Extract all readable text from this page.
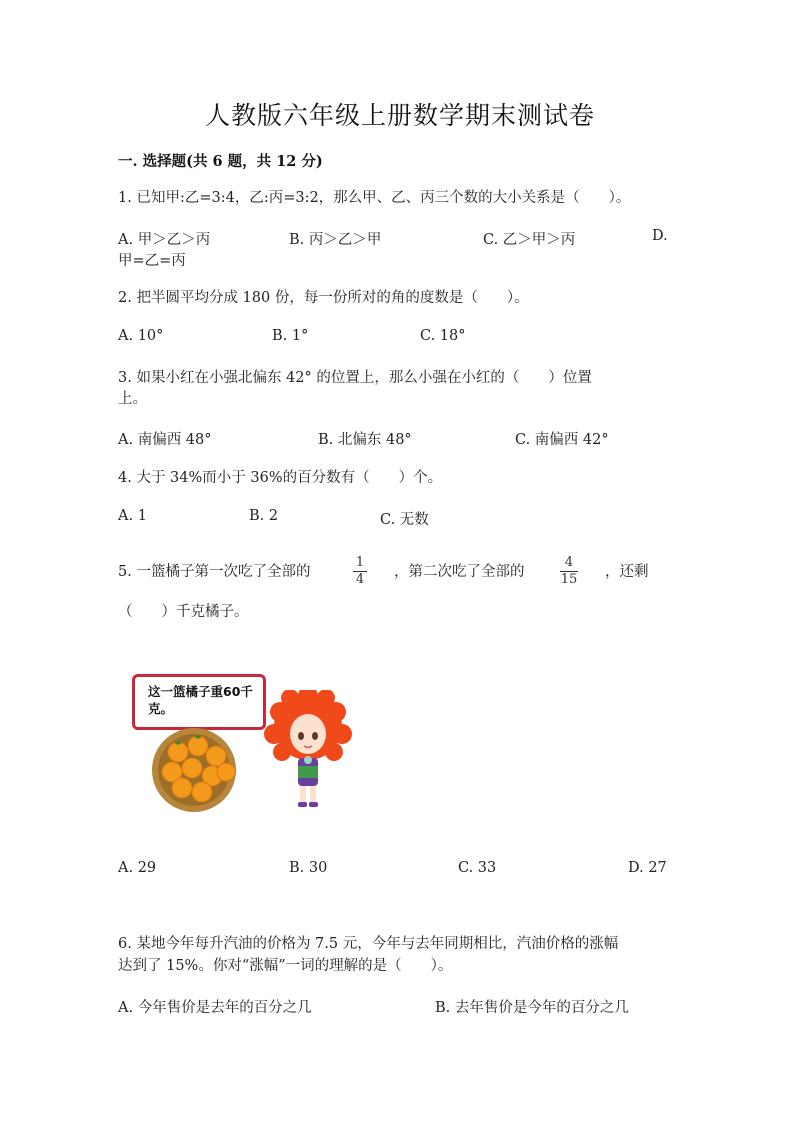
人教版六年级上册数学期末测试卷
一. 选择题(共 6 题，共 12 分)
1. 已知甲:乙=3:4，乙:丙=3:2，那么甲、乙、丙三个数的大小关系是（　　）。
A. 甲＞乙＞丙	B. 丙＞乙＞甲	C. 乙＞甲＞丙	D.
甲=乙=丙
2. 把半圆平均分成 180 份，每一份所对的角的度数是（　　）。
A. 10°	B. 1°	C. 18°
3. 如果小红在小强北偏东 42° 的位置上，那么小强在小红的（　　）位置
上。
A. 南偏西 48°	B. 北偏东 48°	C. 南偏西 42°
4. 大于 34%而小于 36%的百分数有（　　）个。
A. 1	B. 2	C. 无数
5. 一篮橘子第一次吃了全部的
1
4 ，第二次吃了全部的
4
15 ，还剩
（　　）千克橘子。
这一篮橘子重60千克。
A. 29	B. 30	C. 33	D. 27
6. 某地今年每升汽油的价格为 7.5 元，今年与去年同期相比，汽油价格的涨幅
达到了 15%。你对“涨幅”一词的理解的是（　　）。
A. 今年售价是去年的百分之几	B. 去年售价是今年的百分之几
